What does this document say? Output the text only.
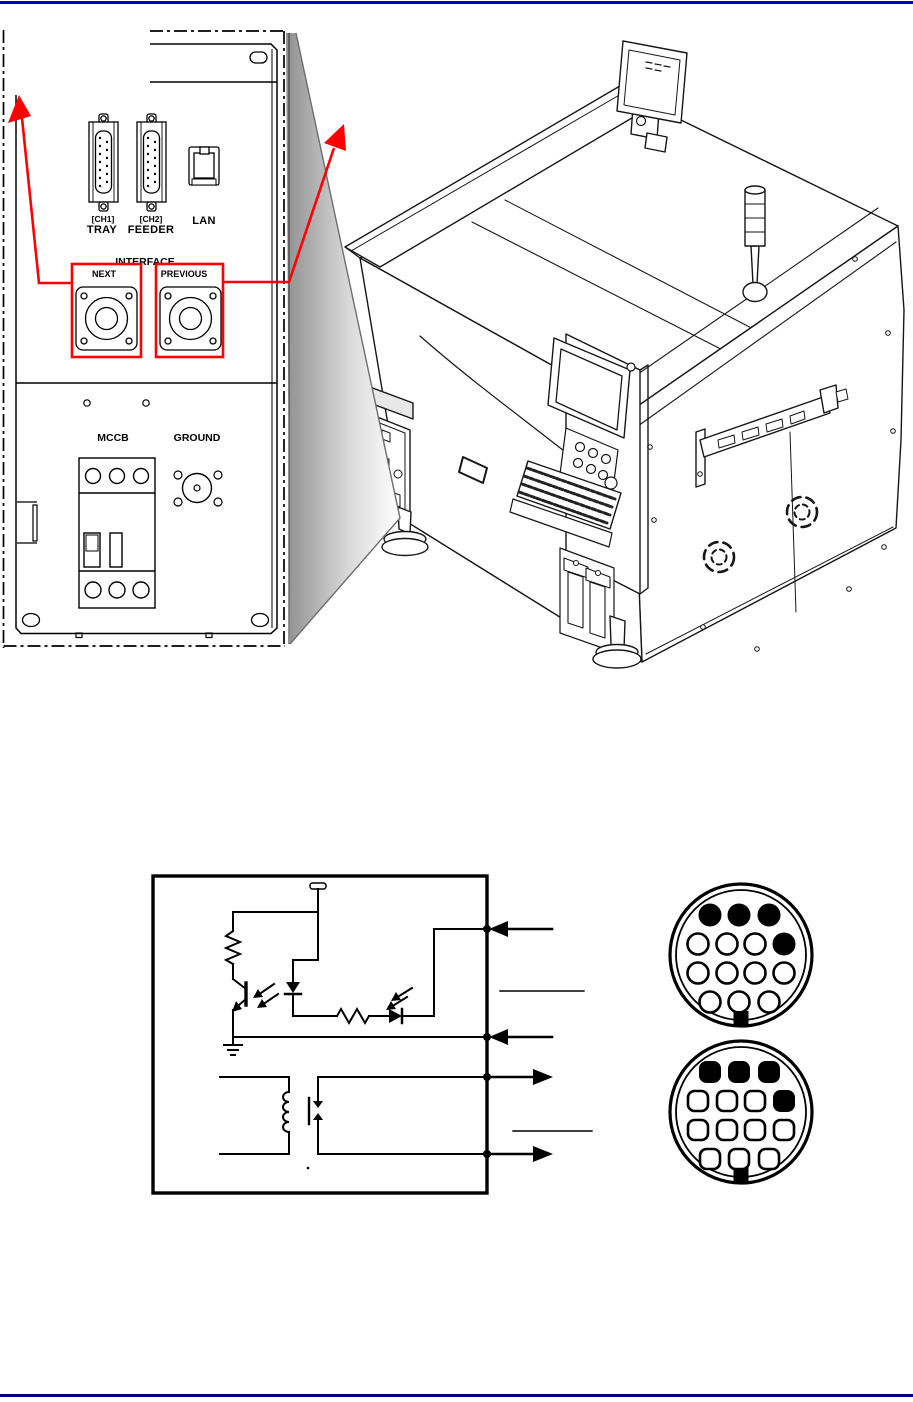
[CH1]
TRAY
[CH2]
FEEDER
LAN
INTERFACE
NEXT	PREVIOUS
MCCB	GROUND
